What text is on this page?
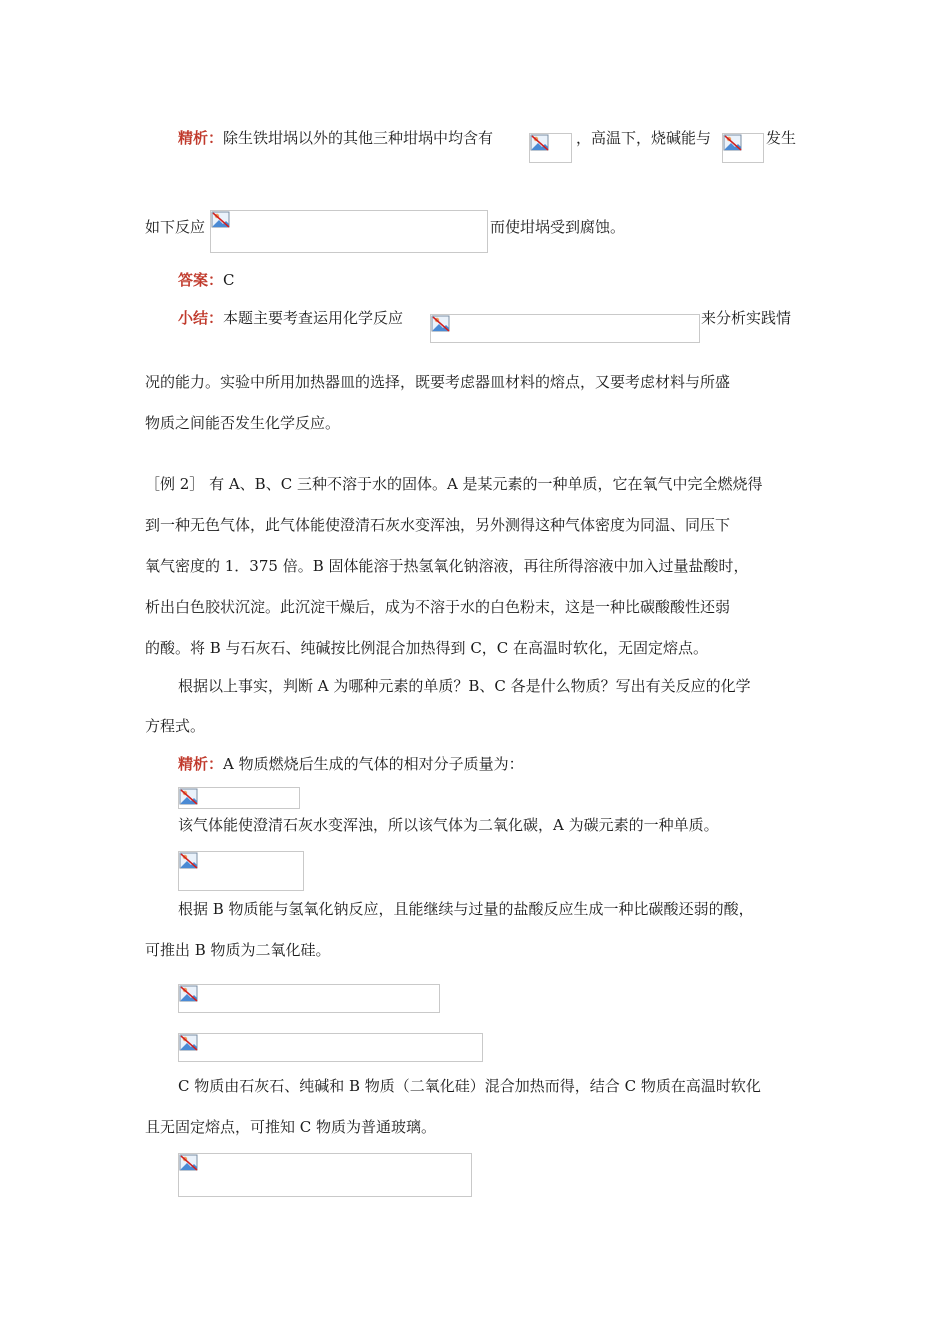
精析：除生铁坩埚以外的其他三种坩埚中均含有	，高温下，烧碱能与	发生
如下反应	而使坩埚受到腐蚀。
答案：C
小结：本题主要考查运用化学反应	来分析实践情
况的能力。实验中所用加热器皿的选择，既要考虑器皿材料的熔点，又要考虑材料与所盛
物质之间能否发生化学反应。
［例 2］ 有 A、B、C 三种不溶于水的固体。A 是某元素的一种单质，它在氧气中完全燃烧得
到一种无色气体，此气体能使澄清石灰水变浑浊，另外测得这种气体密度为同温、同压下
氧气密度的 1．375 倍。B 固体能溶于热氢氧化钠溶液，再往所得溶液中加入过量盐酸时，
析出白色胶状沉淀。此沉淀干燥后，成为不溶于水的白色粉末，这是一种比碳酸酸性还弱
的酸。将 B 与石灰石、纯碱按比例混合加热得到 C，C 在高温时软化，无固定熔点。
根据以上事实，判断 A 为哪种元素的单质？B、C 各是什么物质？写出有关反应的化学
方程式。
精析：A 物质燃烧后生成的气体的相对分子质量为：
该气体能使澄清石灰水变浑浊，所以该气体为二氧化碳，A 为碳元素的一种单质。
根据 B 物质能与氢氧化钠反应，且能继续与过量的盐酸反应生成一种比碳酸还弱的酸，
可推出 B 物质为二氧化硅。
C 物质由石灰石、纯碱和 B 物质（二氧化硅）混合加热而得，结合 C 物质在高温时软化
且无固定熔点，可推知 C 物质为普通玻璃。
